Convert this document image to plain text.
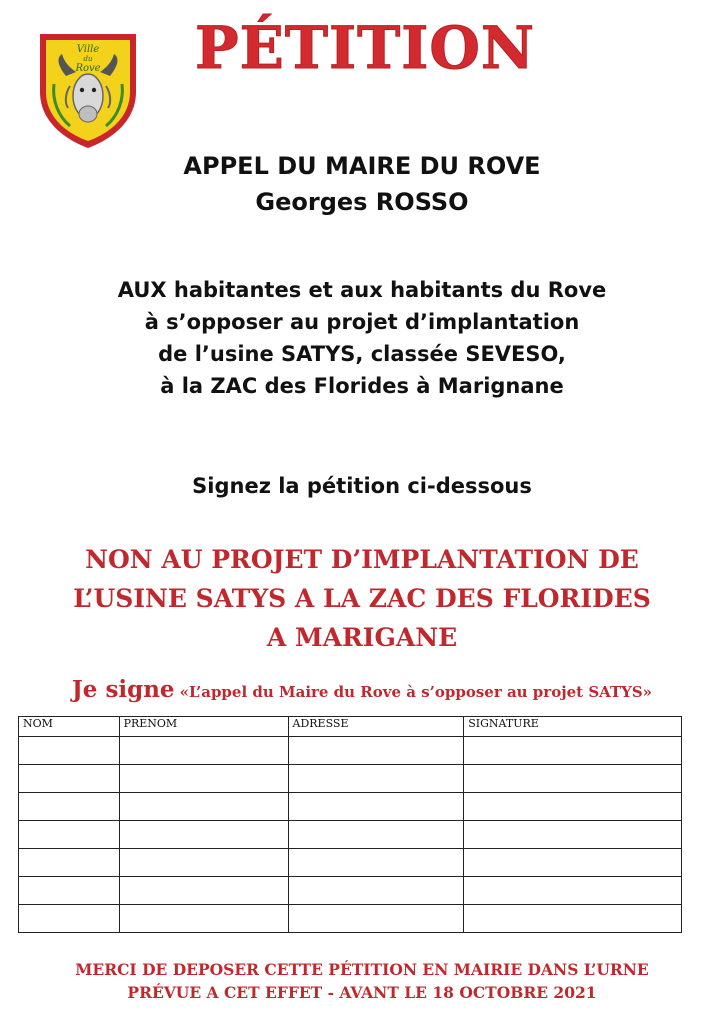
Ville
du
Rove	PÉTITION
APPEL DU MAIRE DU ROVE
Georges ROSSO
AUX habitantes et aux habitants du Rove
à s’opposer au projet d’implantation
de l’usine SATYS, classée SEVESO,
à la ZAC des Florides à Marignane
Signez la pétition ci-dessous
NON AU PROJET D’IMPLANTATION DE
L’USINE SATYS A LA ZAC DES FLORIDES
A MARIGANE
Je signe «L’appel du Maire du Rove à s’opposer au projet SATYS»
NOM	PRENOM	ADRESSE	SIGNATURE

MERCI DE DEPOSER CETTE PÉTITION EN MAIRIE DANS L’URNE
PRÉVUE A CET EFFET - AVANT LE 18 OCTOBRE 2021
